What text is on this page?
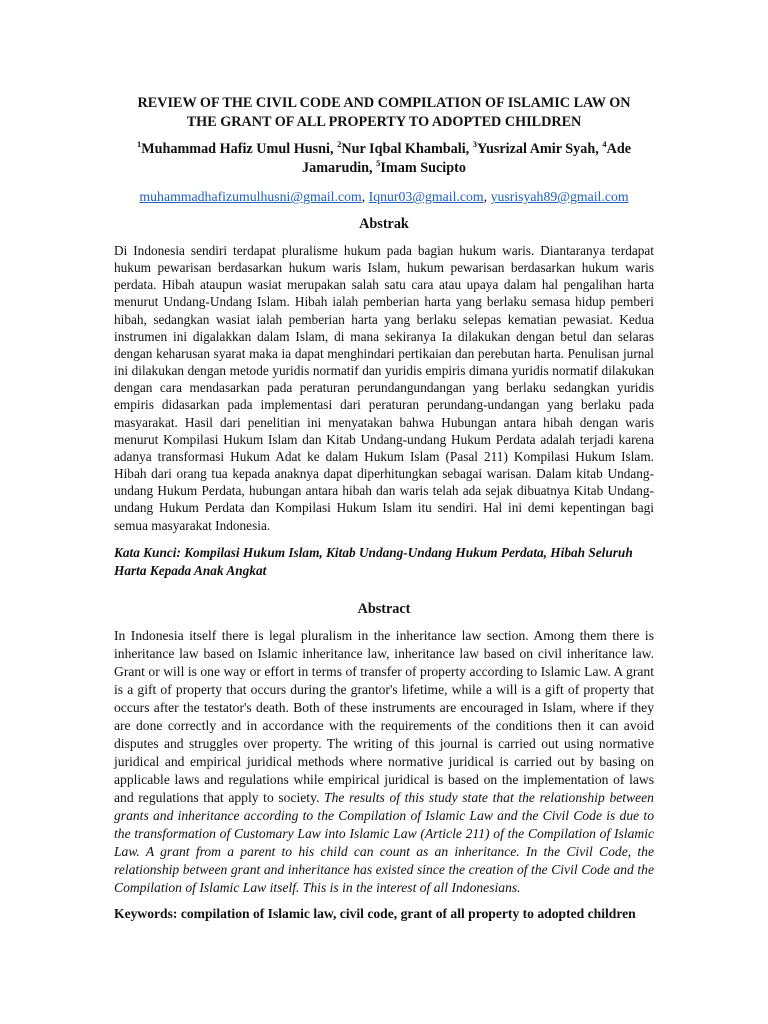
REVIEW OF THE CIVIL CODE AND COMPILATION OF ISLAMIC LAW ON
THE GRANT OF ALL PROPERTY TO ADOPTED CHILDREN

$^1$Muhammad Hafiz Umul Husni, $^2$Nur Iqbal Khambali, $^3$Yusrizal Amir Syah, $^4$Ade Jamarudin, $^5$Imam Sucipto

muhammadhafizumulhusni@gmail.com, Iqnur03@gmail.com, yusrisyah89@gmail.com

Abstrak

Di Indonesia sendiri terdapat pluralisme hukum pada bagian hukum waris. Diantaranya terdapat hukum pewarisan berdasarkan hukum waris Islam, hukum pewarisan berdasarkan hukum waris perdata. Hibah ataupun wasiat merupakan salah satu cara atau upaya dalam hal pengalihan harta menurut Undang-Undang Islam. Hibah ialah pemberian harta yang berlaku semasa hidup pemberi hibah, sedangkan wasiat ialah pemberian harta yang berlaku selepas kematian pewasiat. Kedua instrumen ini digalakkan dalam Islam, di mana sekiranya Ia dilakukan dengan betul dan selaras dengan keharusan syarat maka ia dapat menghindari pertikaian dan perebutan harta. Penulisan jurnal ini dilakukan dengan metode yuridis normatif dan yuridis empiris dimana yuridis normatif dilakukan dengan cara mendasarkan pada peraturan perundangundangan yang berlaku sedangkan yuridis empiris didasarkan pada implementasi dari peraturan perundang-undangan yang berlaku pada masyarakat. Hasil dari penelitian ini menyatakan bahwa Hubungan antara hibah dengan waris menurut Kompilasi Hukum Islam dan Kitab Undang-undang Hukum Perdata adalah terjadi karena adanya transformasi Hukum Adat ke dalam Hukum Islam (Pasal 211) Kompilasi Hukum Islam. Hibah dari orang tua kepada anaknya dapat diperhitungkan sebagai warisan. Dalam kitab Undang-undang Hukum Perdata, hubungan antara hibah dan waris telah ada sejak dibuatnya Kitab Undang-undang Hukum Perdata dan Kompilasi Hukum Islam itu sendiri. Hal ini demi kepentingan bagi semua masyarakat Indonesia.

Kata Kunci: Kompilasi Hukum Islam, Kitab Undang-Undang Hukum Perdata, Hibah Seluruh Harta Kepada Anak Angkat

Abstract

In Indonesia itself there is legal pluralism in the inheritance law section. Among them there is inheritance law based on Islamic inheritance law, inheritance law based on civil inheritance law. Grant or will is one way or effort in terms of transfer of property according to Islamic Law. A grant is a gift of property that occurs during the grantor's lifetime, while a will is a gift of property that occurs after the testator's death. Both of these instruments are encouraged in Islam, where if they are done correctly and in accordance with the requirements of the conditions then it can avoid disputes and struggles over property. The writing of this journal is carried out using normative juridical and empirical juridical methods where normative juridical is carried out by basing on applicable laws and regulations while empirical juridical is based on the implementation of laws and regulations that apply to society. The results of this study state that the relationship between grants and inheritance according to the Compilation of Islamic Law and the Civil Code is due to the transformation of Customary Law into Islamic Law (Article 211) of the Compilation of Islamic Law. A grant from a parent to his child can count as an inheritance. In the Civil Code, the relationship between grant and inheritance has existed since the creation of the Civil Code and the Compilation of Islamic Law itself. This is in the interest of all Indonesians.

Keywords: compilation of Islamic law, civil code, grant of all property to adopted children
